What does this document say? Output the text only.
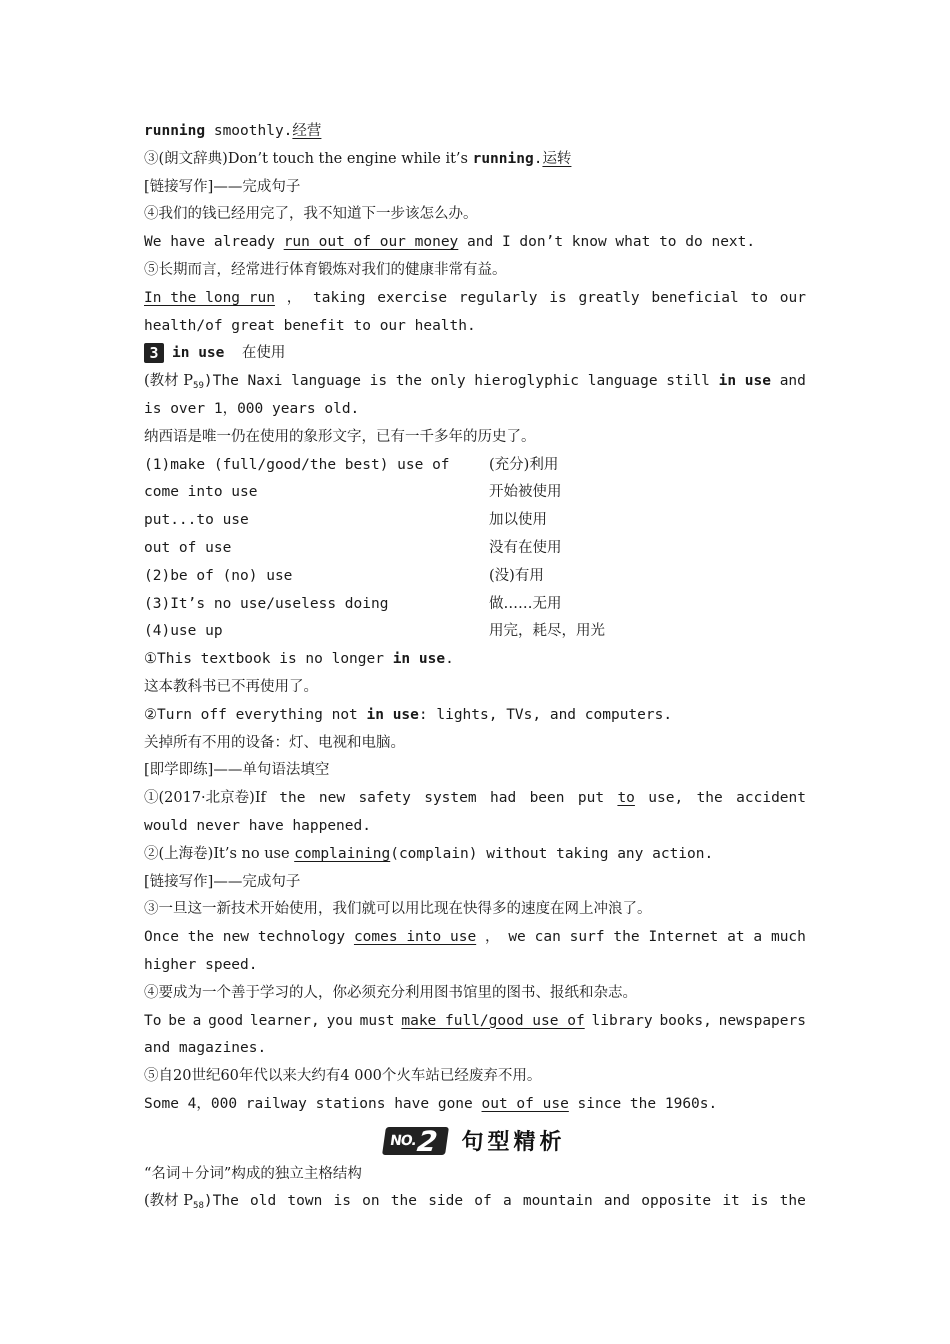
running smoothly.经营
③(朗文辞典)Don’t touch the engine while it’s running.运转
[链接写作]——完成句子
④我们的钱已经用完了，我不知道下一步该怎么办。
We have already run out of our money and I don’t know what to do next.
⑤长期而言，经常进行体育锻炼对我们的健康非常有益。
In the long run ， taking exercise regularly is greatly beneficial to our
health/of great benefit to our health.
3 in use 在使用
(教材 $P_{59})The$ Naxi language is the only hieroglyphic language still in use and
is over 1，000 years old.
纳西语是唯一仍在使用的象形文字，已有一千多年的历史了。
(1)make (full/good/the best) use of	(充分)利用
come into use	开始被使用
put...to use	加以使用
out of use	没有在使用
(2)be of (no) use	(没)有用
(3)It’s no use/useless doing	做……无用
(4)use up	用完，耗尽，用光
①This textbook is no longer in use.
这本教科书已不再使用了。
②Turn off everything not in use: lights, TVs, and computers.
关掉所有不用的设备：灯、电视和电脑。
[即学即练]——单句语法填空
①(2017·北京卷)If the new safety system had been put to use, the accident
would never have happened.
②(上海卷)It’s no use complaining(complain) without taking any action.
[链接写作]——完成句子
③一旦这一新技术开始使用，我们就可以用比现在快得多的速度在网上冲浪了。
Once the new technology comes into use ， we can surf the Internet at a much
higher speed.
④要成为一个善于学习的人，你必须充分利用图书馆里的图书、报纸和杂志。
To be a good learner, you must make full/good use of library books, newspapers
and magazines.
⑤自20世纪60年代以来大约有4 000个火车站已经废弃不用。
Some 4，000 railway stations have gone out of use since the 1960s.
NO.
2 句型精析
“名词＋分词”构成的独立主格结构
(教材 $P_{58})The$ old town is on the side of a mountain and opposite it is the
